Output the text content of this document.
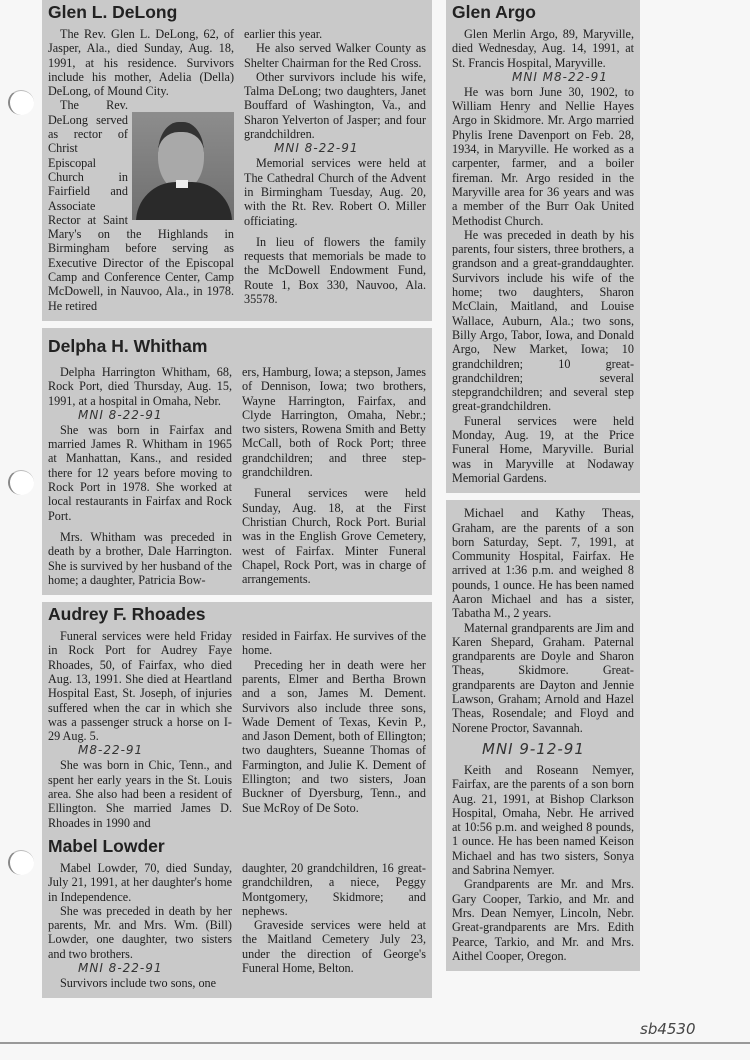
Glen L. DeLong

The Rev. Glen L. DeLong, 62, of Jasper, Ala., died Sunday, Aug. 18, 1991, at his residence. Survivors include his mother, Adelia (Della) DeLong, of Mound City.

The Rev. DeLong served as rector of Christ Episcopal Church in Fairfield and Associate Rector at Saint Mary's on the Highlands in Birmingham before serving as Executive Director of the Episcopal Camp and Conference Center, Camp McDowell, in Nauvoo, Ala., in 1978. He retired

earlier this year.

He also served Walker County as Shelter Chairman for the Red Cross.

Other survivors include his wife, Talma DeLong; two daughters, Janet Bouffard of Washington, Va., and Sharon Yelverton of Jasper; and four grandchildren.

MNI 8-22-91

Memorial services were held at The Cathedral Church of the Advent in Birmingham Tuesday, Aug. 20, with the Rt. Rev. Robert O. Miller officiating.

In lieu of flowers the family requests that memorials be made to the McDowell Endowment Fund, Route 1, Box 330, Nauvoo, Ala. 35578.

Delpha H. Whitham

Delpha Harrington Whitham, 68, Rock Port, died Thursday, Aug. 15, 1991, at a hospital in Omaha, Nebr.

MNI 8-22-91

She was born in Fairfax and married James R. Whitham in 1965 at Manhattan, Kans., and resided there for 12 years before moving to Rock Port in 1978. She worked at local restaurants in Fairfax and Rock Port.

Mrs. Whitham was preceded in death by a brother, Dale Harrington. She is survived by her husband of the home; a daughter, Patricia Bow-

ers, Hamburg, Iowa; a stepson, James of Dennison, Iowa; two brothers, Wayne Harrington, Fairfax, and Clyde Harrington, Omaha, Nebr.; two sisters, Rowena Smith and Betty McCall, both of Rock Port; three grandchildren; and three step-grandchildren.

Funeral services were held Sunday, Aug. 18, at the First Christian Church, Rock Port. Burial was in the English Grove Cemetery, west of Fairfax. Minter Funeral Chapel, Rock Port, was in charge of arrangements.

Audrey F. Rhoades

Funeral services were held Friday in Rock Port for Audrey Faye Rhoades, 50, of Fairfax, who died Aug. 13, 1991. She died at Heartland Hospital East, St. Joseph, of injuries suffered when the car in which she was a passenger struck a horse on I-29 Aug. 5.

M8-22-91

She was born in Chic, Tenn., and spent her early years in the St. Louis area. She also had been a resident of Ellington. She married James D. Rhoades in 1990 and

resided in Fairfax. He survives of the home.

Preceding her in death were her parents, Elmer and Bertha Brown and a son, James M. Dement. Survivors also include three sons, Wade Dement of Texas, Kevin P., and Jason Dement, both of Ellington; two daughters, Sueanne Thomas of Farmington, and Julie K. Dement of Ellington; and two sisters, Joan Buckner of Dyersburg, Tenn., and Sue McRoy of De Soto.

Mabel Lowder

Mabel Lowder, 70, died Sunday, July 21, 1991, at her daughter's home in Independence.

She was preceded in death by her parents, Mr. and Mrs. Wm. (Bill) Lowder, one daughter, two sisters and two brothers.

MNI 8-22-91

Survivors include two sons, one

daughter, 20 grandchildren, 16 great-grandchildren, a niece, Peggy Montgomery, Skidmore; and nephews.

Graveside services were held at the Maitland Cemetery July 23, under the direction of George's Funeral Home, Belton.

Glen Argo

Glen Merlin Argo, 89, Maryville, died Wednesday, Aug. 14, 1991, at St. Francis Hospital, Maryville.

MNI M8-22-91

He was born June 30, 1902, to William Henry and Nellie Hayes Argo in Skidmore. Mr. Argo married Phylis Irene Davenport on Feb. 28, 1934, in Maryville. He worked as a carpenter, farmer, and a boiler fireman. Mr. Argo resided in the Maryville area for 36 years and was a member of the Burr Oak United Methodist Church.

He was preceded in death by his parents, four sisters, three brothers, a grandson and a great-granddaughter. Survivors include his wife of the home; two daughters, Sharon McClain, Maitland, and Louise Wallace, Auburn, Ala.; two sons, Billy Argo, Tabor, Iowa, and Donald Argo, New Market, Iowa; 10 grandchildren; 10 great-grandchildren; several stepgrandchildren; and several step great-grandchildren.

Funeral services were held Monday, Aug. 19, at the Price Funeral Home, Maryville. Burial was in Maryville at Nodaway Memorial Gardens.

Michael and Kathy Theas, Graham, are the parents of a son born Saturday, Sept. 7, 1991, at Community Hospital, Fairfax. He arrived at 1:36 p.m. and weighed 8 pounds, 1 ounce. He has been named Aaron Michael and has a sister, Tabatha M., 2 years.

Maternal grandparents are Jim and Karen Shepard, Graham. Paternal grandparents are Doyle and Sharon Theas, Skidmore. Great-grandparents are Dayton and Jennie Lawson, Graham; Arnold and Hazel Theas, Rosendale; and Floyd and Norene Proctor, Savannah.

MNI 9-12-91

Keith and Roseann Nemyer, Fairfax, are the parents of a son born Aug. 21, 1991, at Bishop Clarkson Hospital, Omaha, Nebr. He arrived at 10:56 p.m. and weighed 8 pounds, 1 ounce. He has been named Keison Michael and has two sisters, Sonya and Sabrina Nemyer.

Grandparents are Mr. and Mrs. Gary Cooper, Tarkio, and Mr. and Mrs. Dean Nemyer, Lincoln, Nebr. Great-grandparents are Mrs. Edith Pearce, Tarkio, and Mr. and Mrs. Aithel Cooper, Oregon.

sb4530
